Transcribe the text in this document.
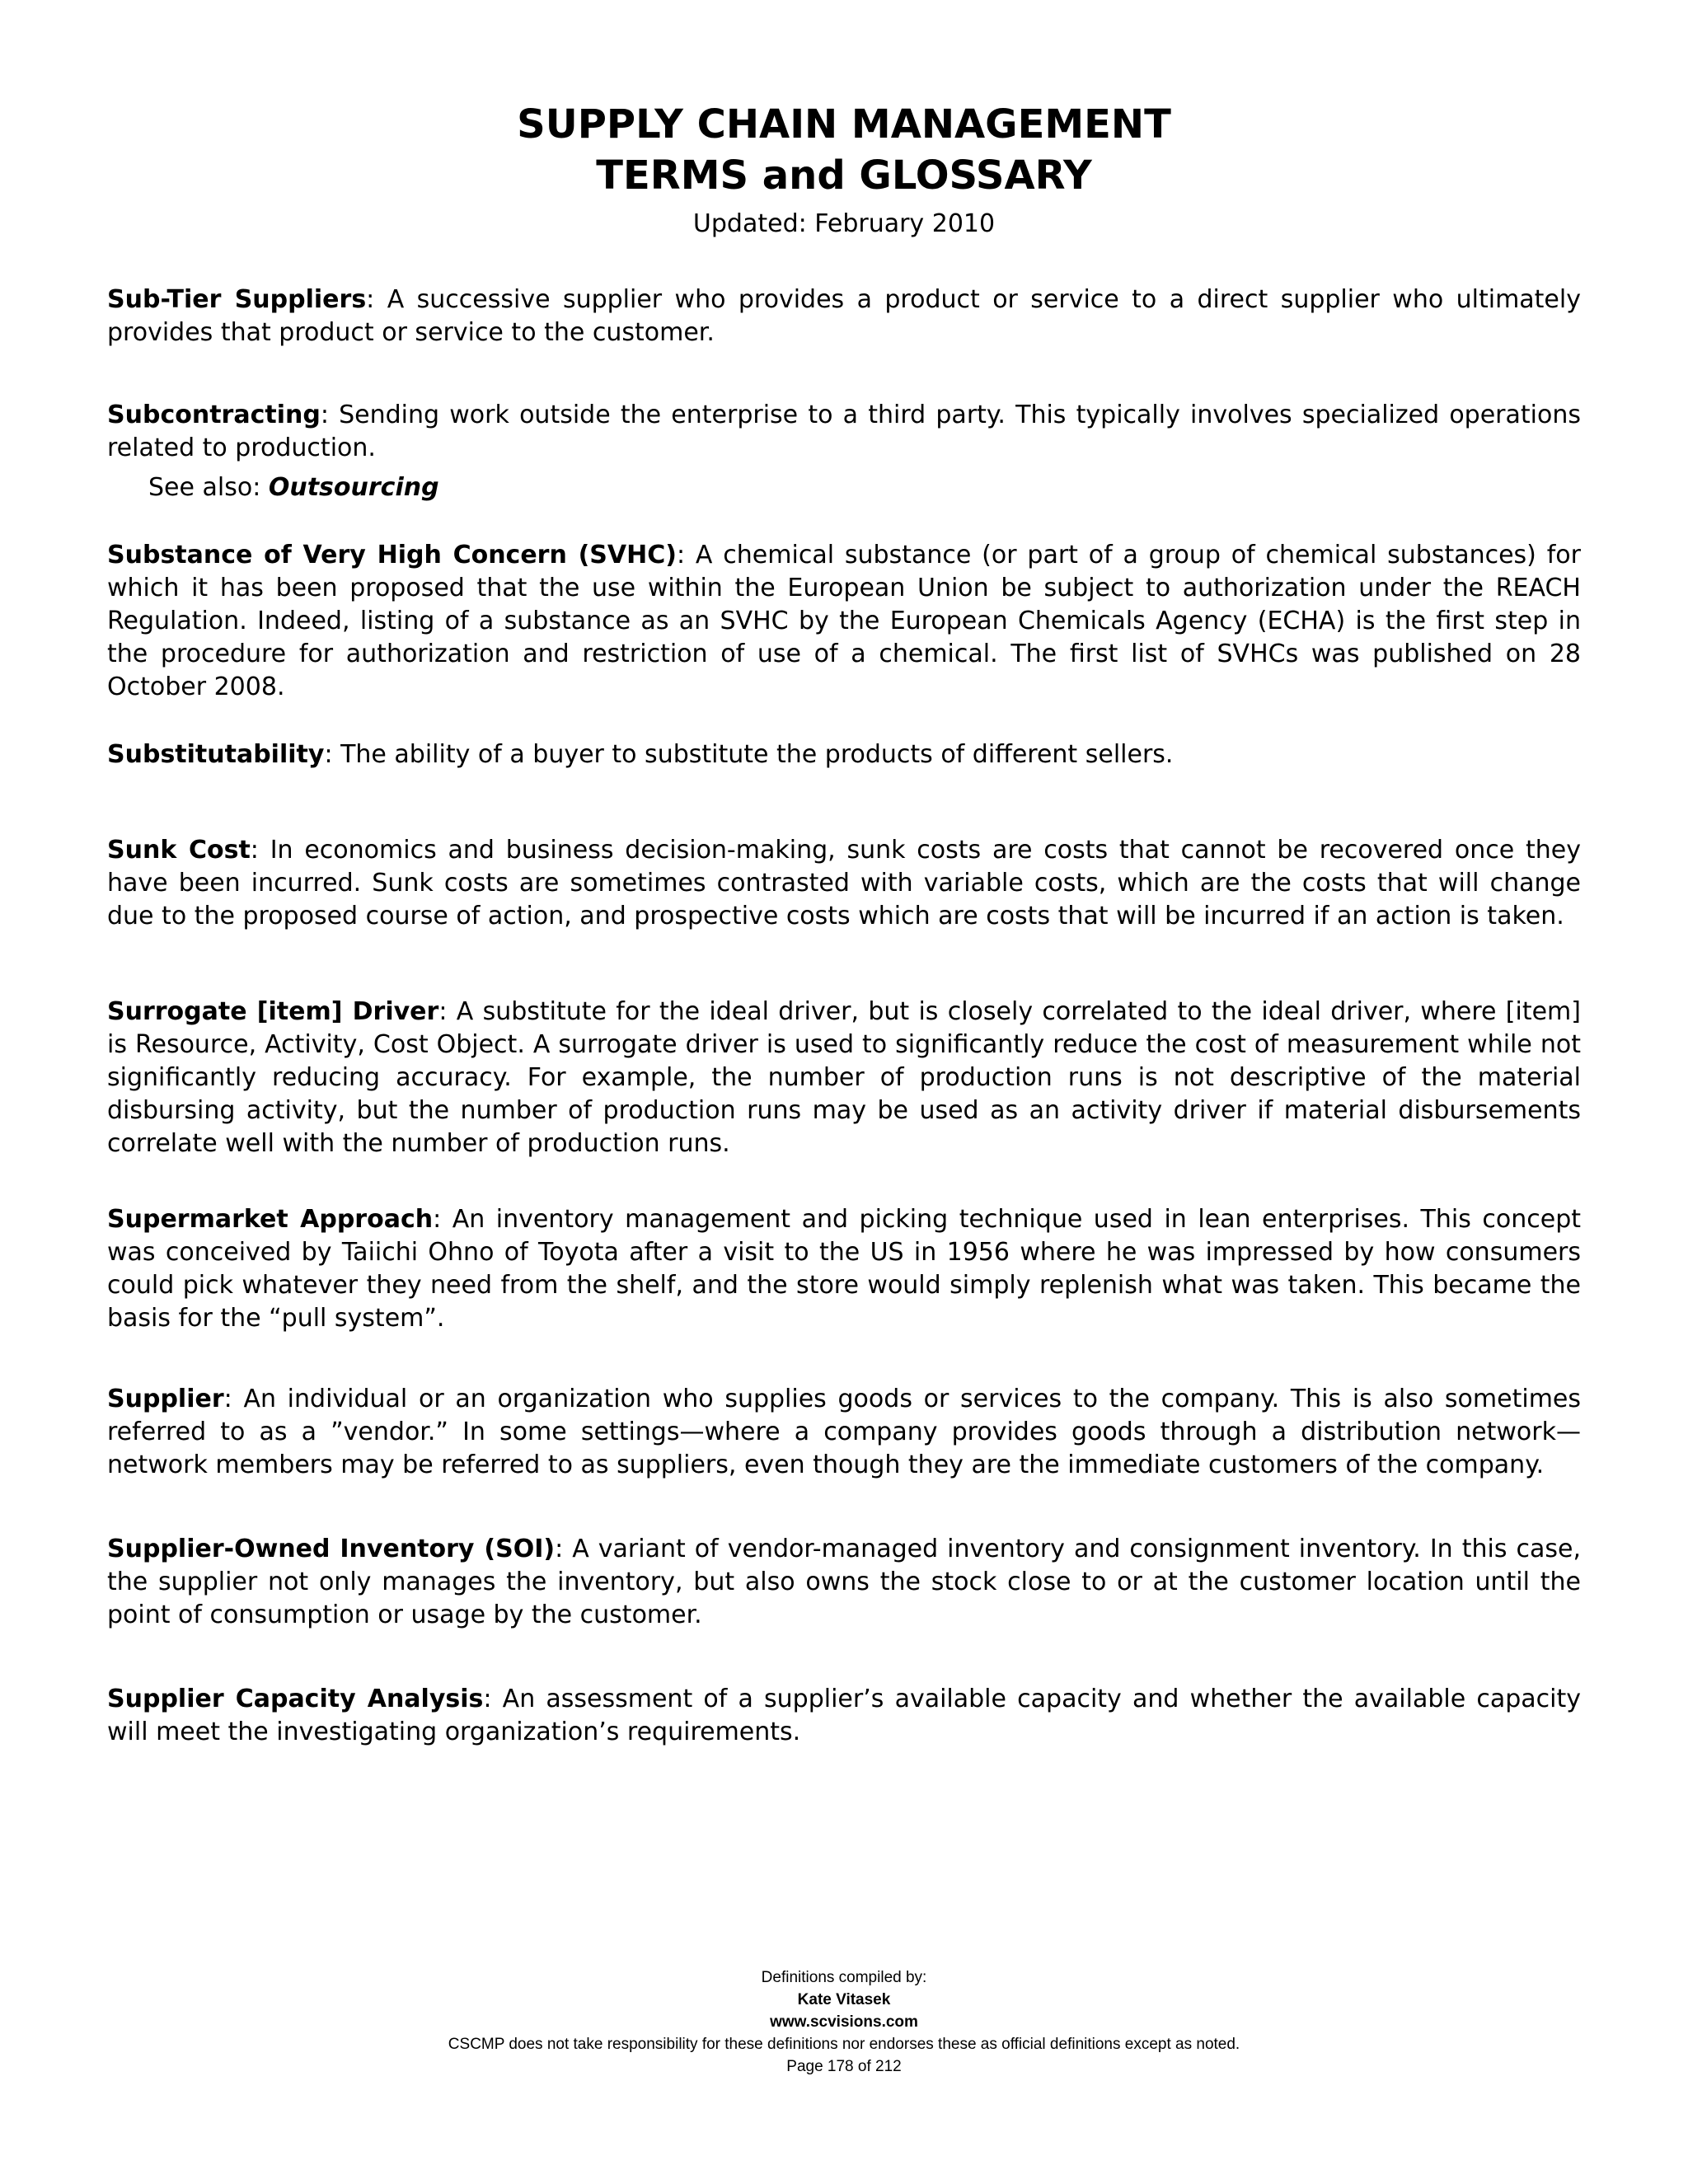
SUPPLY CHAIN MANAGEMENT
TERMS and GLOSSARY
Updated: February 2010

Sub-Tier Suppliers: A successive supplier who provides a product or service to a direct supplier who ultimately provides that product or service to the customer.

Subcontracting: Sending work outside the enterprise to a third party. This typically involves specialized operations related to production.

See also: Outsourcing

Substance of Very High Concern (SVHC): A chemical substance (or part of a group of chemical substances) for which it has been proposed that the use within the European Union be subject to authorization under the REACH Regulation. Indeed, listing of a substance as an SVHC by the European Chemicals Agency (ECHA) is the first step in the procedure for authorization and restriction of use of a chemical. The first list of SVHCs was published on 28 October 2008.

Substitutability: The ability of a buyer to substitute the products of different sellers.

Sunk Cost: In economics and business decision-making, sunk costs are costs that cannot be recovered once they have been incurred. Sunk costs are sometimes contrasted with variable costs, which are the costs that will change due to the proposed course of action, and prospective costs which are costs that will be incurred if an action is taken.

Surrogate [item] Driver: A substitute for the ideal driver, but is closely correlated to the ideal driver, where [item] is Resource, Activity, Cost Object. A surrogate driver is used to significantly reduce the cost of measurement while not significantly reducing accuracy. For example, the number of production runs is not descriptive of the material disbursing activity, but the number of production runs may be used as an activity driver if material disbursements correlate well with the number of production runs.

Supermarket Approach: An inventory management and picking technique used in lean enterprises. This concept was conceived by Taiichi Ohno of Toyota after a visit to the US in 1956 where he was impressed by how consumers could pick whatever they need from the shelf, and the store would simply replenish what was taken. This became the basis for the “pull system”.

Supplier: An individual or an organization who supplies goods or services to the company. This is also sometimes referred to as a ”vendor.” In some settings—where a company provides goods through a distribution network—network members may be referred to as suppliers, even though they are the immediate customers of the company.

Supplier-Owned Inventory (SOI): A variant of vendor-managed inventory and consignment inventory. In this case, the supplier not only manages the inventory, but also owns the stock close to or at the customer location until the point of consumption or usage by the customer.

Supplier Capacity Analysis: An assessment of a supplier’s available capacity and whether the available capacity will meet the investigating organization’s requirements.

Definitions compiled by:
Kate Vitasek
www.scvisions.com
CSCMP does not take responsibility for these definitions nor endorses these as official definitions except as noted.
Page 178 of 212
